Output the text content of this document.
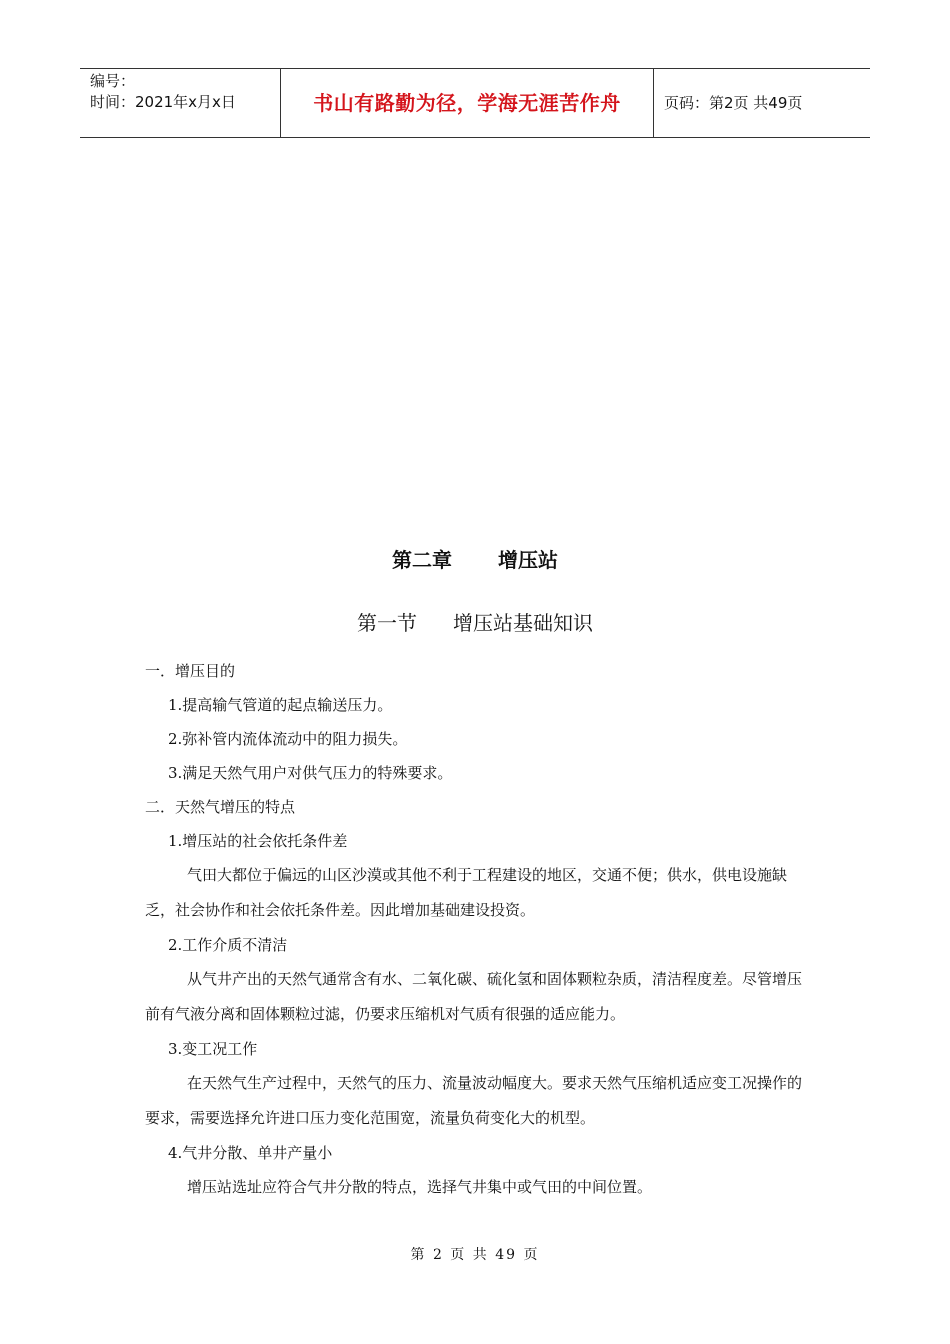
编号：
时间：2021年x月x日	书山有路勤为径，学海无涯苦作舟	页码：第2页 共49页
第二章 增压站
第一节 增压站基础知识
一．增压目的
1.提高输气管道的起点输送压力。
2.弥补管内流体流动中的阻力损失。
3.满足天然气用户对供气压力的特殊要求。
二．天然气增压的特点
1.增压站的社会依托条件差

气田大都位于偏远的山区沙漠或其他不利于工程建设的地区，交通不便；供水，供电设施缺乏，社会协作和社会依托条件差。因此增加基础建设投资。

2.工作介质不清洁

从气井产出的天然气通常含有水、二氧化碳、硫化氢和固体颗粒杂质，清洁程度差。尽管增压前有气液分离和固体颗粒过滤，仍要求压缩机对气质有很强的适应能力。

3.变工况工作

在天然气生产过程中，天然气的压力、流量波动幅度大。要求天然气压缩机适应变工况操作的要求，需要选择允许进口压力变化范围宽，流量负荷变化大的机型。

4.气井分散、单井产量小

增压站选址应符合气井分散的特点，选择气井集中或气田的中间位置。

第 2 页 共 49 页
